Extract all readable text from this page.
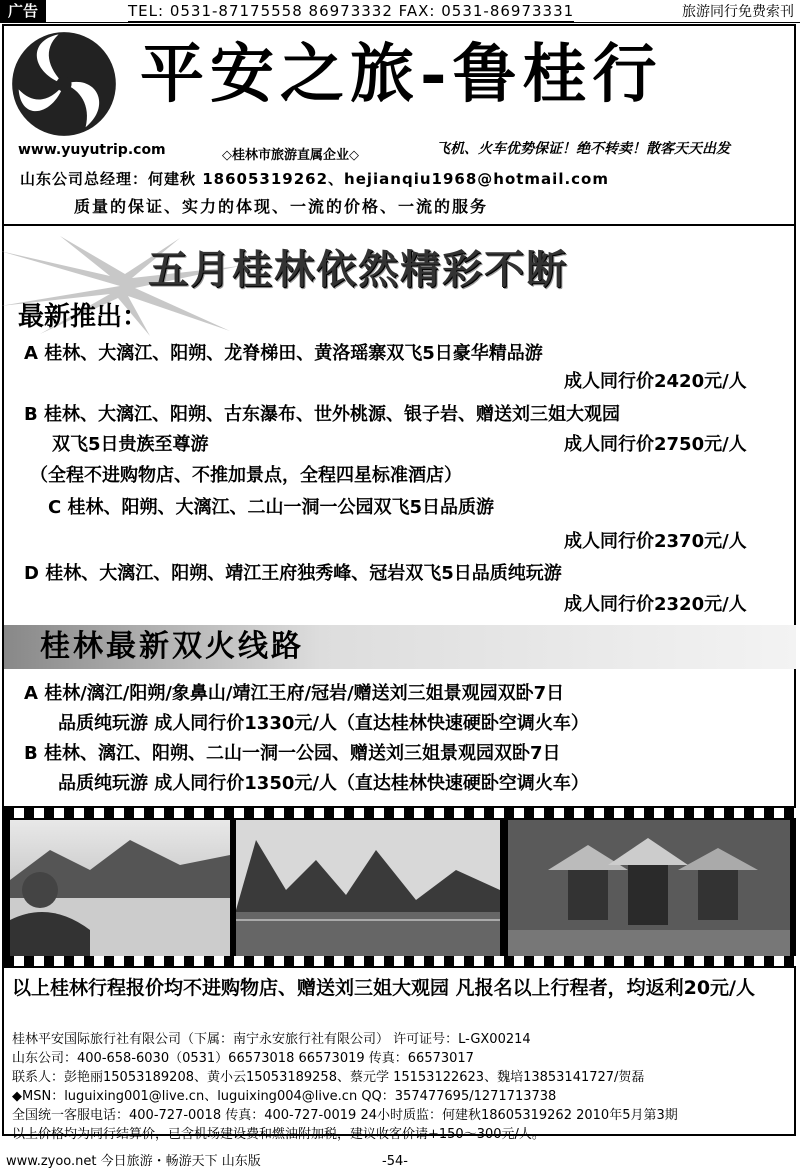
广告	TEL: 0531-87175558 86973332 FAX: 0531-86973331	旅游同行免费索刊
平安之旅-鲁桂行
www.yuyutrip.com	◇桂林市旅游直属企业◇	飞机、火车优势保证！绝不转卖！散客天天出发
山东公司总经理：何建秋 18605319262、hejianqiu1968@hotmail.com
质量的保证、实力的体现、一流的价格、一流的服务
五月桂林依然精彩不断
最新推出：
A 桂林、大漓江、阳朔、龙脊梯田、黄洛瑶寨双飞5日豪华精品游
成人同行价2420元/人
B 桂林、大漓江、阳朔、古东瀑布、世外桃源、银子岩、赠送刘三姐大观园
双飞5日贵族至尊游	成人同行价2750元/人
（全程不进购物店、不推加景点，全程四星标准酒店）
C 桂林、阳朔、大漓江、二山一洞一公园双飞5日品质游
成人同行价2370元/人
D 桂林、大漓江、阳朔、靖江王府独秀峰、冠岩双飞5日品质纯玩游
成人同行价2320元/人
桂林最新双火线路
A 桂林/漓江/阳朔/象鼻山/靖江王府/冠岩/赠送刘三姐景观园双卧7日
品质纯玩游 成人同行价1330元/人（直达桂林快速硬卧空调火车）
B 桂林、漓江、阳朔、二山一洞一公园、赠送刘三姐景观园双卧7日
品质纯玩游 成人同行价1350元/人（直达桂林快速硬卧空调火车）
以上桂林行程报价均不进购物店、赠送刘三姐大观园 凡报名以上行程者，均返利20元/人
桂林平安国际旅行社有限公司（下属：南宁永安旅行社有限公司） 许可证号：L-GX00214
山东公司：400-658-6030（0531）66573018 66573019 传真：66573017
联系人：彭艳丽15053189208、黄小云15053189258、蔡元学 15153122623、魏培13853141727/贺磊
◆MSN：luguixing001@live.cn、luguixing004@live.cn QQ：357477695/1271713738
全国统一客服电话：400-727-0018 传真：400-727-0019 24小时质监：何建秋18605319262 2010年5月第3期
以上价格均为同行结算价，已含机场建设费和燃油附加税，建议收客价请+150～300元/人。
www.zyoo.net 今日旅游・畅游天下 山东版	-54-
